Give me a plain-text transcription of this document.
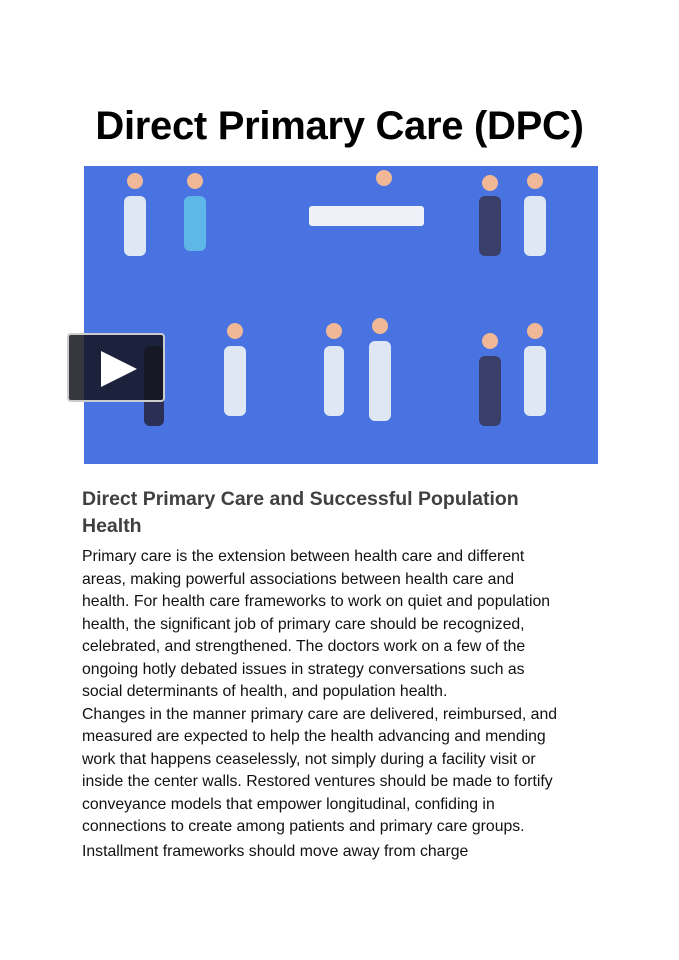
Direct Primary Care (DPC)
Direct Primary Care and Successful Population Health
Primary care is the extension between health care and different
areas, making powerful associations between health care and
health. For health care frameworks to work on quiet and population
health, the significant job of primary care should be recognized,
celebrated, and strengthened. The doctors work on a few of the
ongoing hotly debated issues in strategy conversations such as
social determinants of health, and population health.
Changes in the manner primary care are delivered, reimbursed, and
measured are expected to help the health advancing and mending
work that happens ceaselessly, not simply during a facility visit or
inside the center walls. Restored ventures should be made to fortify
conveyance models that empower longitudinal, confiding in
connections to create among patients and primary care groups.
Installment frameworks should move away from charge
